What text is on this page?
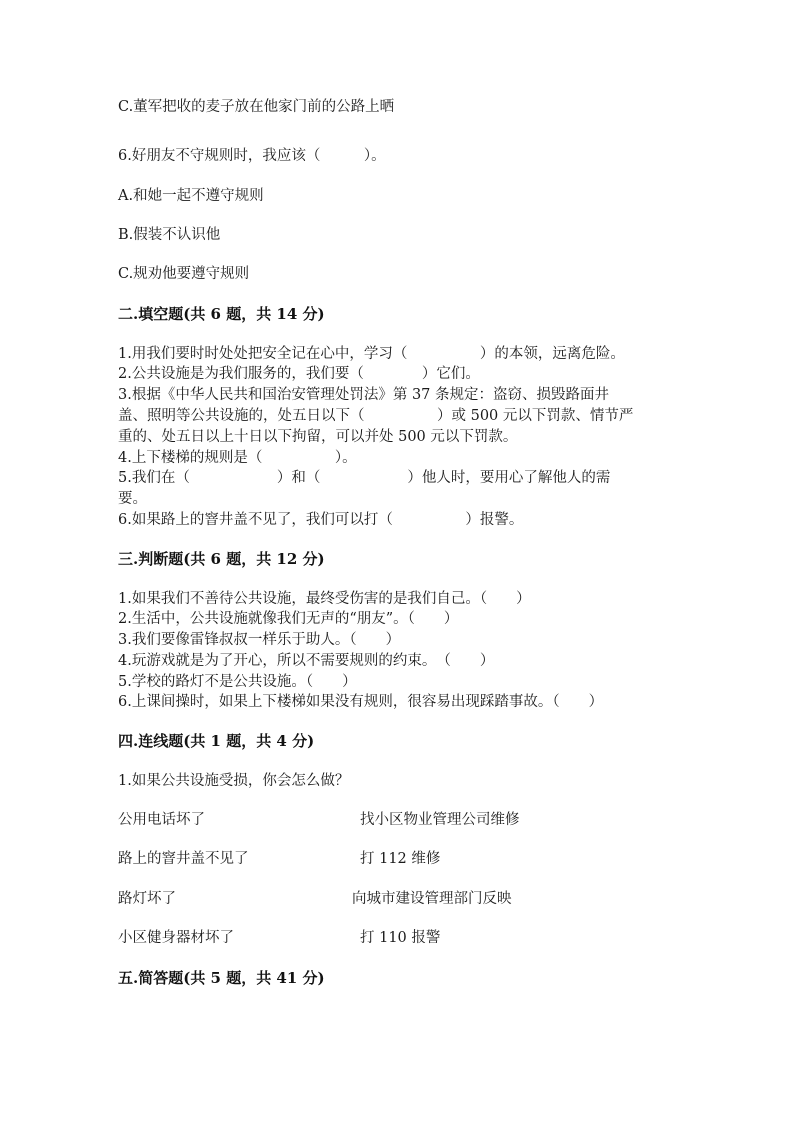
C.董军把收的麦子放在他家门前的公路上晒
6.好朋友不守规则时，我应该（　　　）。
A.和她一起不遵守规则
B.假装不认识他
C.规劝他要遵守规则
二.填空题(共 6 题，共 14 分)
1.用我们要时时处处把安全记在心中，学习（　　　　　）的本领，远离危险。
2.公共设施是为我们服务的，我们要（　　　　）它们。
3.根据《中华人民共和国治安管理处罚法》第 37 条规定：盗窃、损毁路面井
盖、照明等公共设施的，处五日以下（　　　　　）或 500 元以下罚款、情节严
重的、处五日以上十日以下拘留，可以并处 500 元以下罚款。
4.上下楼梯的规则是（　　　　　）。
5.我们在（　　　　　　）和（　　　　　　）他人时，要用心了解他人的需
要。
6.如果路上的窨井盖不见了，我们可以打（　　　　　）报警。
三.判断题(共 6 题，共 12 分)
1.如果我们不善待公共设施，最终受伤害的是我们自己。（　　）
2.生活中，公共设施就像我们无声的“朋友”。（　　）
3.我们要像雷锋叔叔一样乐于助人。（　　）
4.玩游戏就是为了开心，所以不需要规则的约束。　（　　）
5.学校的路灯不是公共设施。（　　）
6.上课间操时，如果上下楼梯如果没有规则，很容易出现踩踏事故。（　　）
四.连线题(共 1 题，共 4 分)
1.如果公共设施受损，你会怎么做？
公用电话坏了	找小区物业管理公司维修
路上的窨井盖不见了	打 112 维修
路灯坏了	向城市建设管理部门反映
小区健身器材坏了	打 110 报警
五.简答题(共 5 题，共 41 分)
